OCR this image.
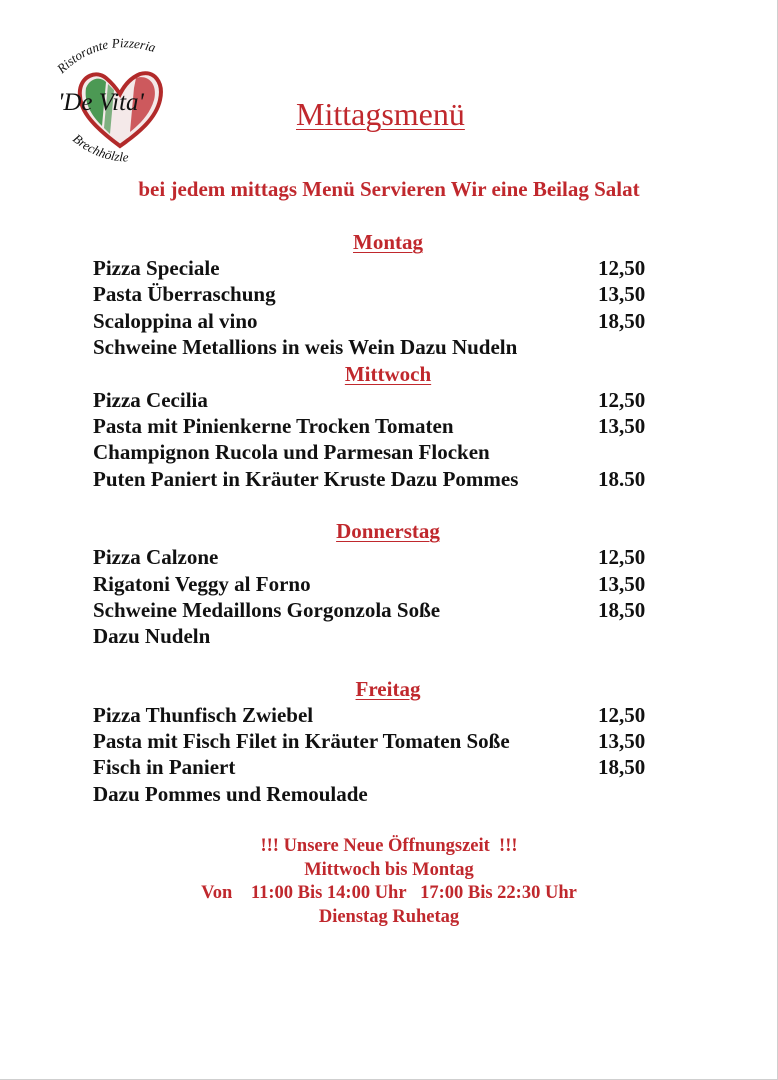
Ristorante Pizzeria
'De Vita'
Brechhölzle
Mittagsmenü
bei jedem mittags Menü Servieren Wir eine Beilag Salat
Montag
Pizza Speciale	12,50
Pasta Überraschung	13,50
Scaloppina al vino	18,50
Schweine Metallions in weis Wein Dazu Nudeln
Mittwoch
Pizza Cecilia	12,50
Pasta mit Pinienkerne Trocken Tomaten	13,50
Champignon Rucola und Parmesan Flocken
Puten Paniert in Kräuter Kruste Dazu Pommes	18.50
Donnerstag
Pizza Calzone	12,50
Rigatoni Veggy al Forno	13,50
Schweine Medaillons Gorgonzola Soße	18,50
Dazu Nudeln
Freitag
Pizza Thunfisch Zwiebel	12,50
Pasta mit Fisch Filet in Kräuter Tomaten Soße	13,50
Fisch in Paniert	18,50
Dazu Pommes und Remoulade
!!! Unsere Neue Öffnungszeit  !!!
Mittwoch bis Montag
Von    11:00 Bis 14:00 Uhr   17:00 Bis 22:30 Uhr
Dienstag Ruhetag
